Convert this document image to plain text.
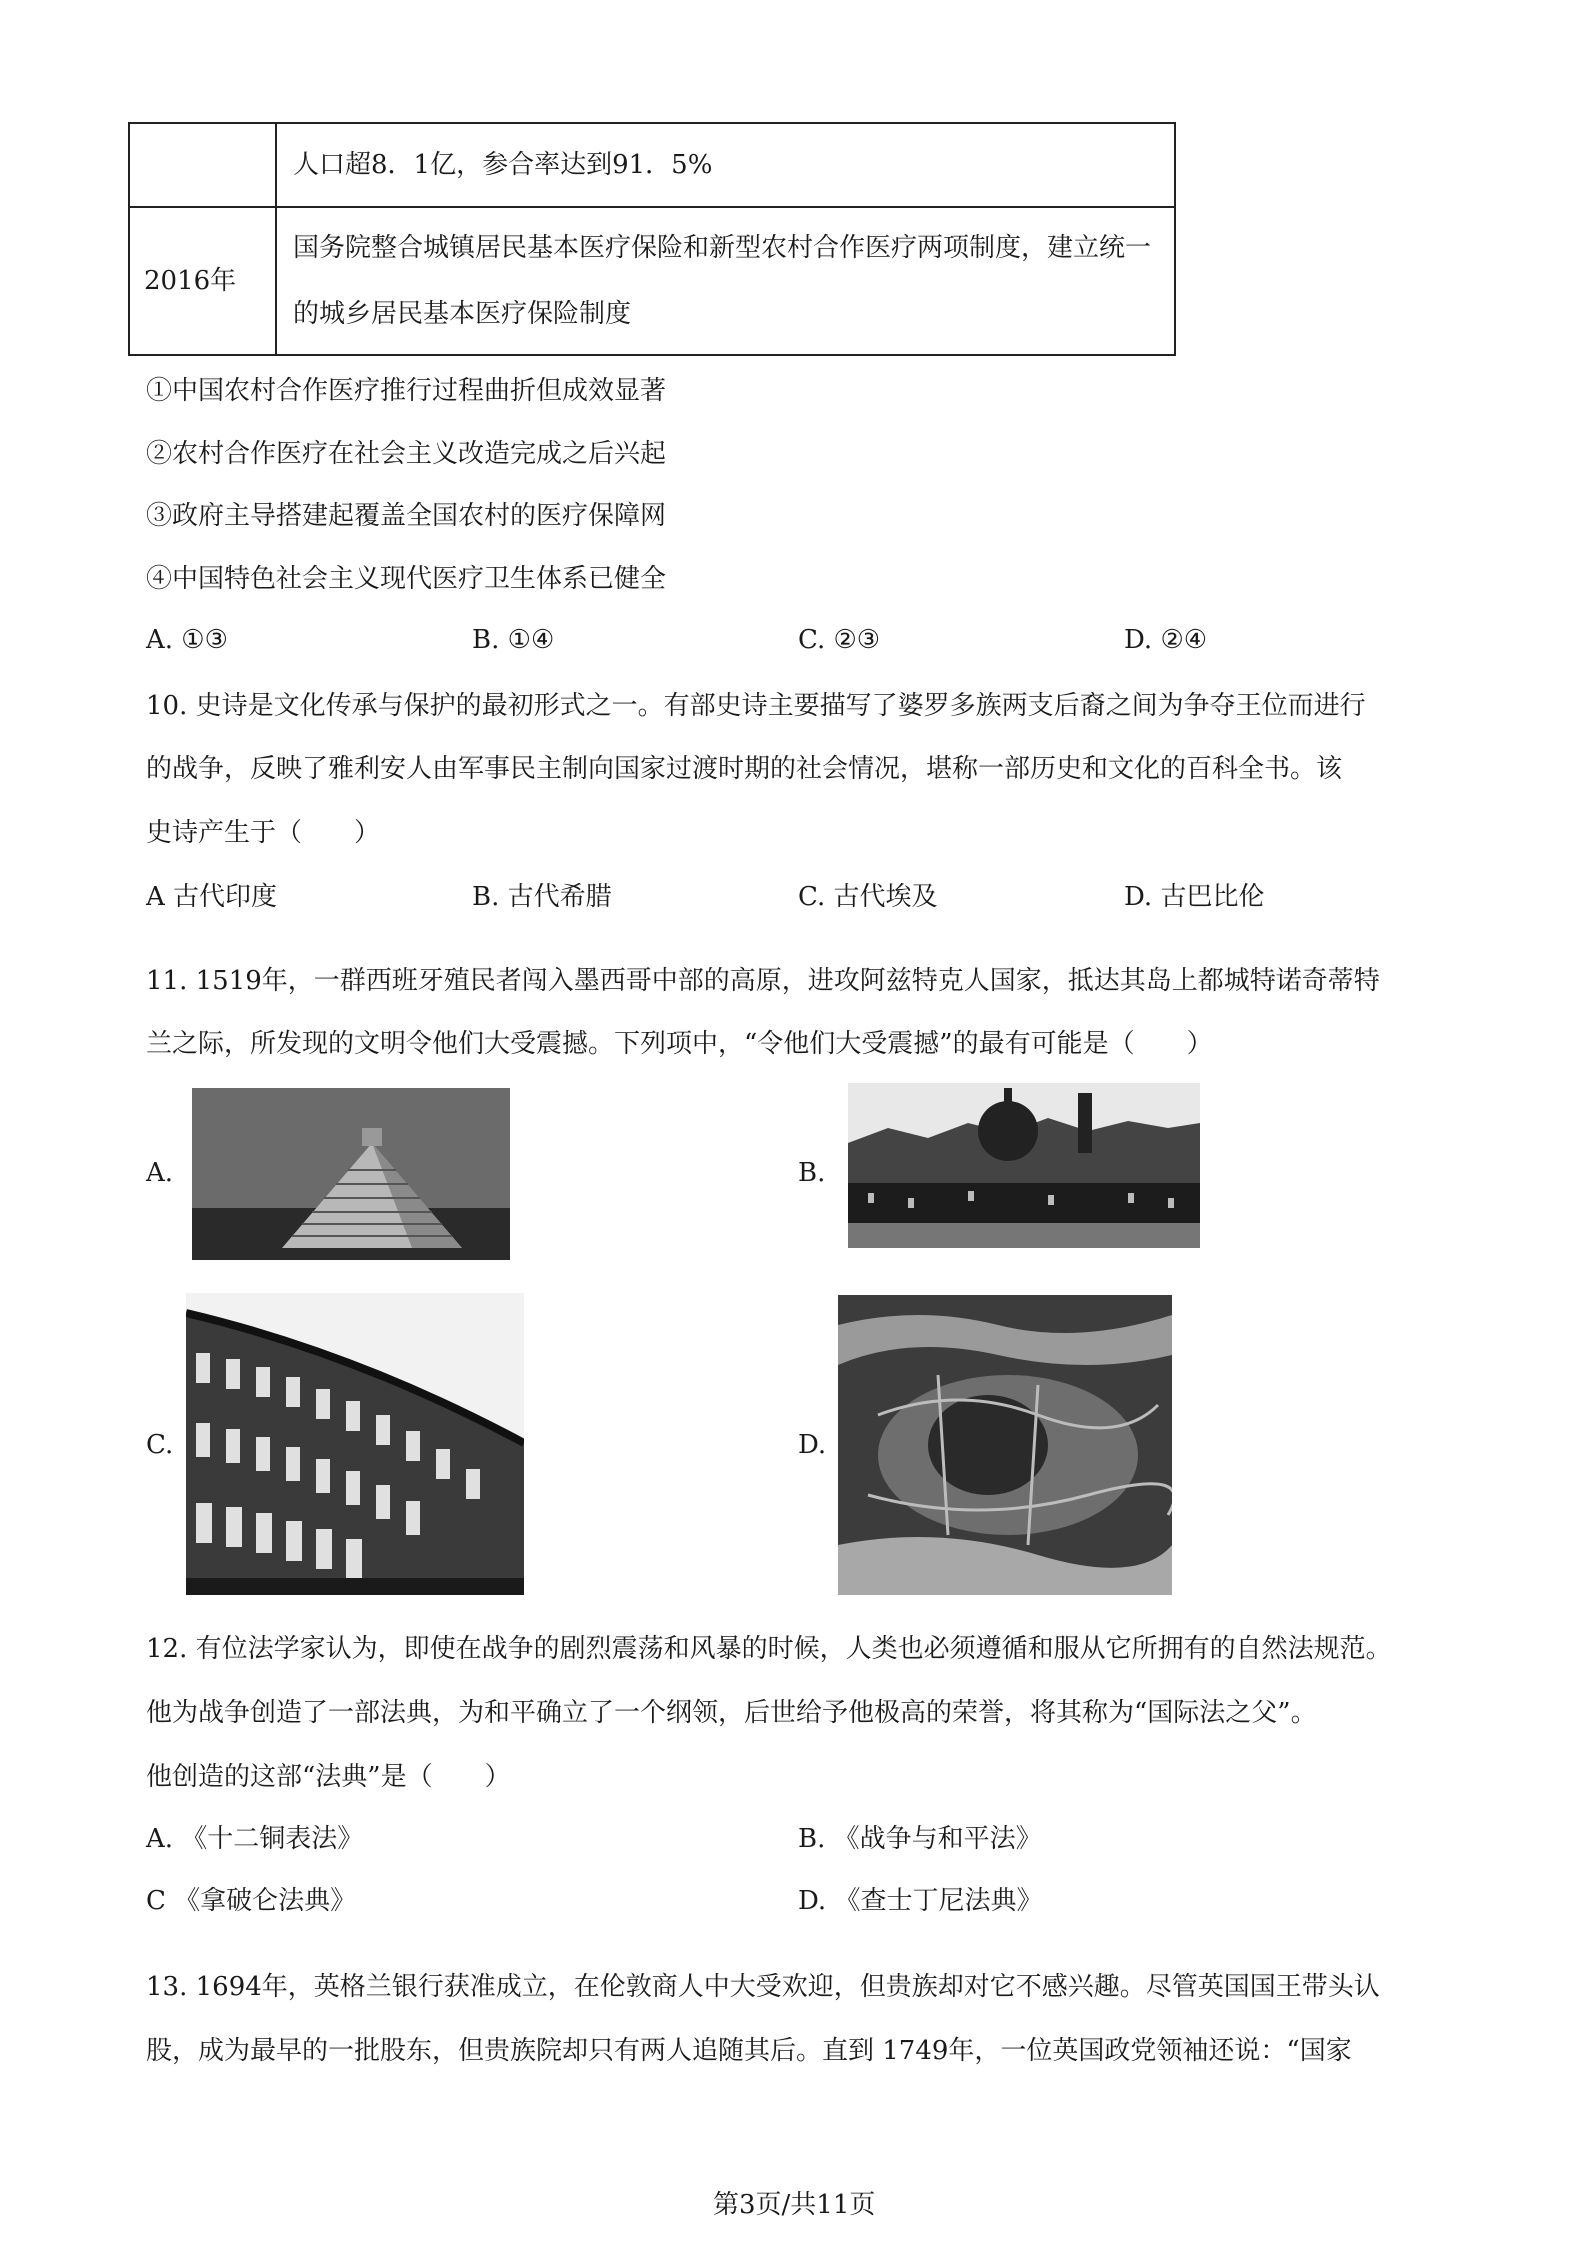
	人口超8．1亿，参合率达到91．5%
2016年	国务院整合城镇居民基本医疗保险和新型农村合作医疗两项制度，建立统一的城乡居民基本医疗保险制度
①中国农村合作医疗推行过程曲折但成效显著
②农村合作医疗在社会主义改造完成之后兴起
③政府主导搭建起覆盖全国农村的医疗保障网
④中国特色社会主义现代医疗卫生体系已健全
A. ①③	B. ①④	C. ②③	D. ②④
10. 史诗是文化传承与保护的最初形式之一。有部史诗主要描写了婆罗多族两支后裔之间为争夺王位而进行
的战争，反映了雅利安人由军事民主制向国家过渡时期的社会情况，堪称一部历史和文化的百科全书。该
史诗产生于（　　）
A 古代印度	B. 古代希腊	C. 古代埃及	D. 古巴比伦
11. 1519年，一群西班牙殖民者闯入墨西哥中部的高原，进攻阿兹特克人国家，抵达其岛上都城特诺奇蒂特
兰之际，所发现的文明令他们大受震撼。下列项中，“令他们大受震撼”的最有可能是（　　）
A.	B.
C.	D.
12. 有位法学家认为，即使在战争的剧烈震荡和风暴的时候，人类也必须遵循和服从它所拥有的自然法规范。
他为战争创造了一部法典，为和平确立了一个纲领，后世给予他极高的荣誉，将其称为“国际法之父”。
他创造的这部“法典”是（　　）
A. 《十二铜表法》	B. 《战争与和平法》
C 《拿破仑法典》	D. 《查士丁尼法典》
13. 1694年，英格兰银行获准成立，在伦敦商人中大受欢迎，但贵族却对它不感兴趣。尽管英国国王带头认
股，成为最早的一批股东，但贵族院却只有两人追随其后。直到 1749年，一位英国政党领袖还说：“国家
第3页/共11页
